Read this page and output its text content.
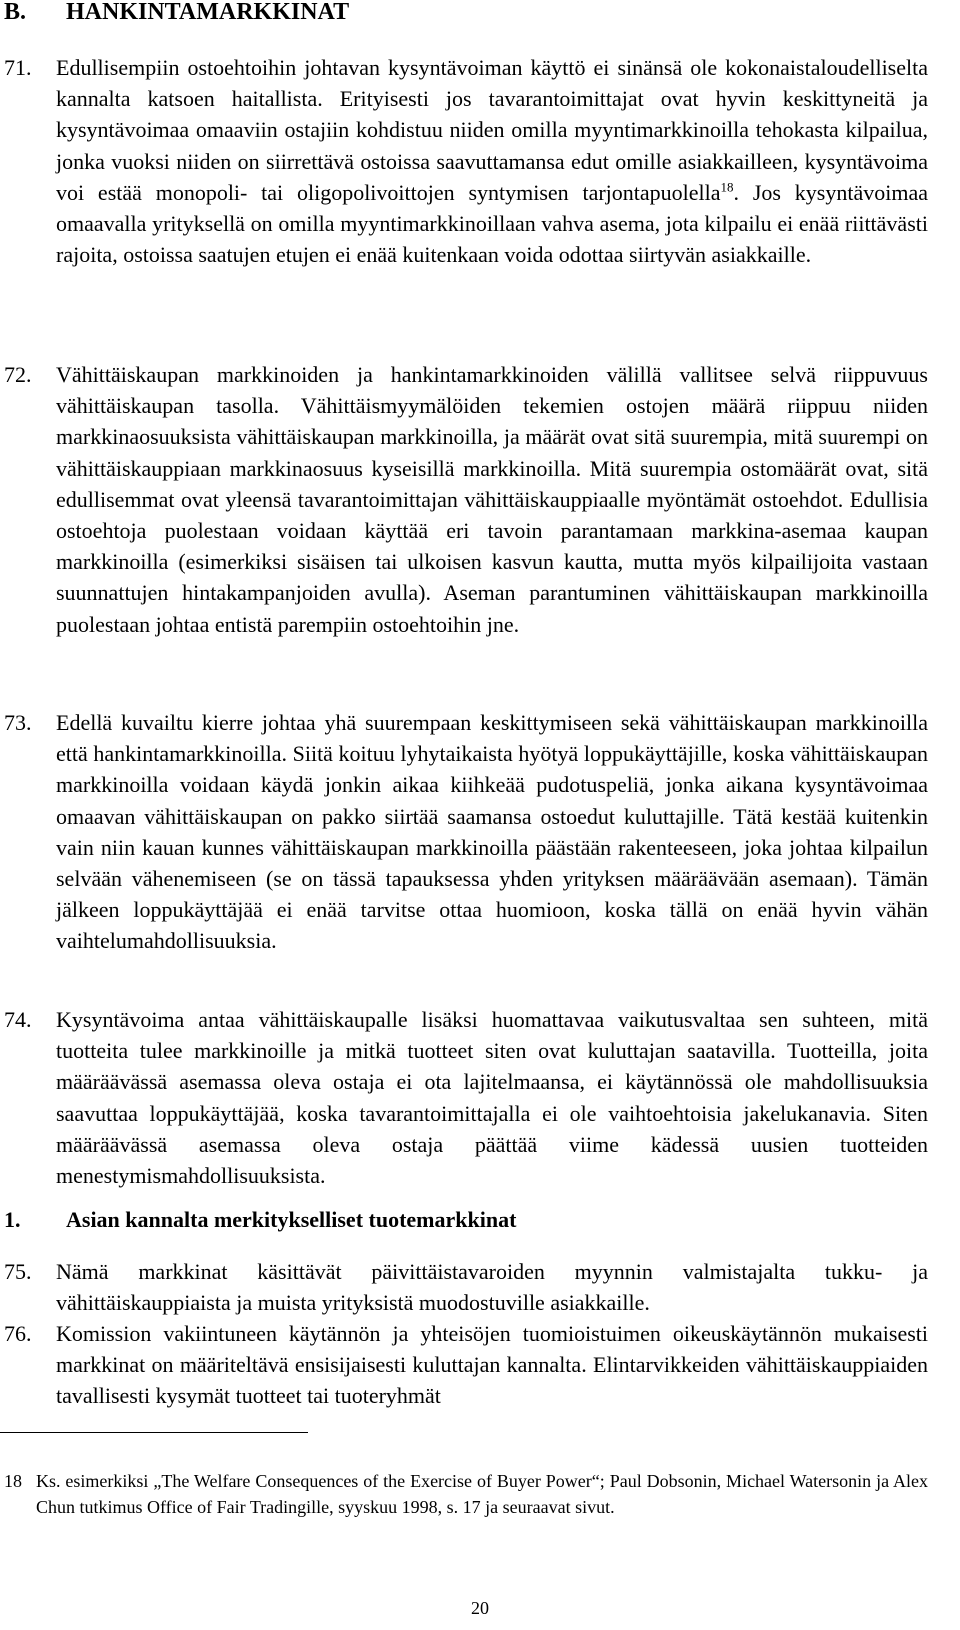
B. HANKINTAMARKKINAT
71. Edullisempiin ostoehtoihin johtavan kysyntävoiman käyttö ei sinänsä ole kokonaistaloudelliselta kannalta katsoen haitallista. Erityisesti jos tavarantoimittajat ovat hyvin keskittyneitä ja kysyntävoimaa omaaviin ostajiin kohdistuu niiden omilla myyntimarkkinoilla tehokasta kilpailua, jonka vuoksi niiden on siirrettävä ostoissa saavuttamansa edut omille asiakkailleen, kysyntävoima voi estää monopoli- tai oligopolivoittojen syntymisen tarjontapuolella$^{18}$. Jos kysyntävoimaa omaavalla yrityksellä on omilla myyntimarkkinoillaan vahva asema, jota kilpailu ei enää riittävästi rajoita, ostoissa saatujen etujen ei enää kuitenkaan voida odottaa siirtyvän asiakkaille.
72. Vähittäiskaupan markkinoiden ja hankintamarkkinoiden välillä vallitsee selvä riippuvuus vähittäiskaupan tasolla. Vähittäismyymälöiden tekemien ostojen määrä riippuu niiden markkinaosuuksista vähittäiskaupan markkinoilla, ja määrät ovat sitä suurempia, mitä suurempi on vähittäiskauppiaan markkinaosuus kyseisillä markkinoilla. Mitä suurempia ostomäärät ovat, sitä edullisemmat ovat yleensä tavarantoimittajan vähittäiskauppiaalle myöntämät ostoehdot. Edullisia ostoehtoja puolestaan voidaan käyttää eri tavoin parantamaan markkina-asemaa kaupan markkinoilla (esimerkiksi sisäisen tai ulkoisen kasvun kautta, mutta myös kilpailijoita vastaan suunnattujen hintakampanjoiden avulla). Aseman parantuminen vähittäiskaupan markkinoilla puolestaan johtaa entistä parempiin ostoehtoihin jne.
73. Edellä kuvailtu kierre johtaa yhä suurempaan keskittymiseen sekä vähittäiskaupan markkinoilla että hankintamarkkinoilla. Siitä koituu lyhytaikaista hyötyä loppukäyttäjille, koska vähittäiskaupan markkinoilla voidaan käydä jonkin aikaa kiihkeää pudotuspeliä, jonka aikana kysyntävoimaa omaavan vähittäiskaupan on pakko siirtää saamansa ostoedut kuluttajille. Tätä kestää kuitenkin vain niin kauan kunnes vähittäiskaupan markkinoilla päästään rakenteeseen, joka johtaa kilpailun selvään vähenemiseen (se on tässä tapauksessa yhden yrityksen määräävään asemaan). Tämän jälkeen loppukäyttäjää ei enää tarvitse ottaa huomioon, koska tällä on enää hyvin vähän vaihtelumahdollisuuksia.
74. Kysyntävoima antaa vähittäiskaupalle lisäksi huomattavaa vaikutusvaltaa sen suhteen, mitä tuotteita tulee markkinoille ja mitkä tuotteet siten ovat kuluttajan saatavilla. Tuotteilla, joita määräävässä asemassa oleva ostaja ei ota lajitelmaansa, ei käytännössä ole mahdollisuuksia saavuttaa loppukäyttäjää, koska tavarantoimittajalla ei ole vaihtoehtoisia jakelukanavia. Siten määräävässä asemassa oleva ostaja päättää viime kädessä uusien tuotteiden menestymismahdollisuuksista.
1. Asian kannalta merkitykselliset tuotemarkkinat
75. Nämä markkinat käsittävät päivittäistavaroiden myynnin valmistajalta tukku- ja vähittäiskauppiaista ja muista yrityksistä muodostuville asiakkaille.
76. Komission vakiintuneen käytännön ja yhteisöjen tuomioistuimen oikeuskäytännön mukaisesti markkinat on määriteltävä ensisijaisesti kuluttajan kannalta. Elintarvikkeiden vähittäiskauppiaiden tavallisesti kysymät tuotteet tai tuoteryhmät
18 Ks. esimerkiksi „The Welfare Consequences of the Exercise of Buyer Power“; Paul Dobsonin, Michael Watersonin ja Alex Chun tutkimus Office of Fair Tradingille, syyskuu 1998, s. 17 ja seuraavat sivut.
20
